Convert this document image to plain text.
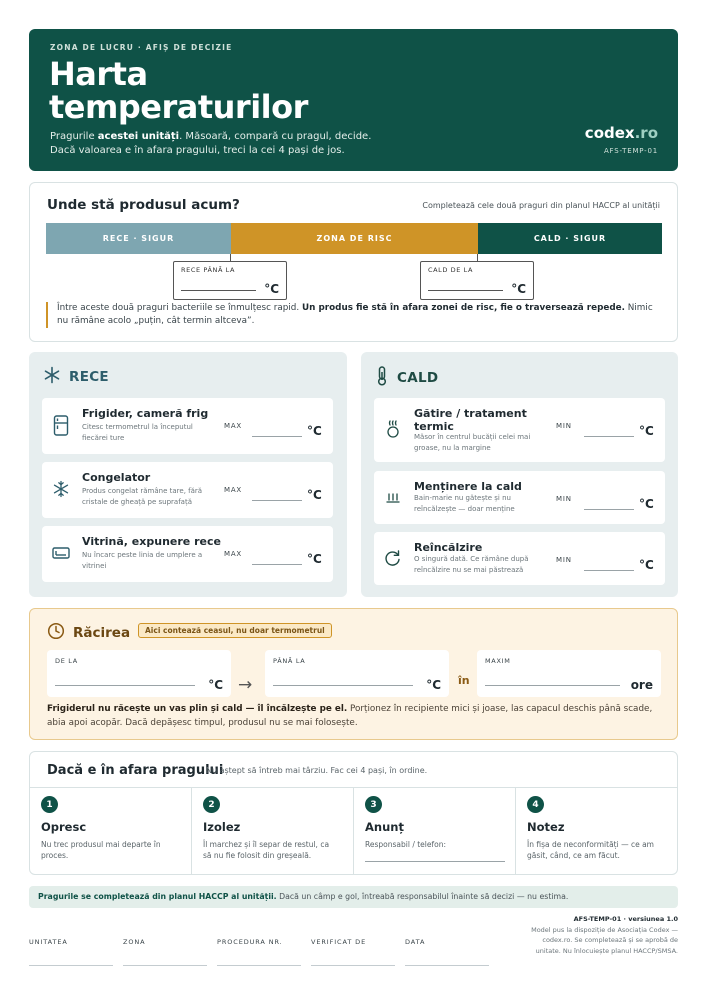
ZONA DE LUCRU · AFIȘ DE DECIZIE
Harta
temperaturilor
Pragurile acestei unități. Măsoară, compară cu pragul, decide.
Dacă valoarea e în afara pragului, treci la cei 4 pași de jos.
codex.ro
AFS-TEMP-01
Unde stă produsul acum?	Completează cele două praguri din planul HACCP al unității
RECE · SIGUR	ZONA DE RISC	CALD · SIGUR
RECE PÂNĂ LA
°C
CALD DE LA
°C
Între aceste două praguri bacteriile se înmulțesc rapid. Un produs fie stă în afara zonei de risc, fie o traversează repede. Nimic nu rămâne acolo „puțin, cât termin altceva”.
RECE
Frigider, cameră frig
Citesc termometrul la începutul fiecărei ture
MAX	°C
Congelator
Produs congelat rămâne tare, fără cristale de gheață pe suprafață
MAX	°C
Vitrină, expunere rece
Nu încarc peste linia de umplere a vitrinei
MAX	°C
CALD
Gătire / tratament
termic
Măsor în centrul bucății celei mai groase, nu la margine
MIN	°C
Menținere la cald
Bain-marie nu gătește și nu reîncălzește — doar menține
MIN	°C
Reîncălzire
O singură dată. Ce rămâne după reîncălzire nu se mai păstrează
MIN	°C
Răcirea	Aici contează ceasul, nu doar termometrul
DE LA
°C →
PÂNĂ LA
°C în
MAXIM
ore
Frigiderul nu răcește un vas plin și cald — îl încălzește pe el. Porționez în recipiente mici și joase, las capacul deschis până scade, abia apoi acopăr. Dacă depășesc timpul, produsul nu se mai folosește.
Dacă e în afara pragului
Nu aștept să întreb mai târziu. Fac cei 4 pași, în ordine.
1
Opresc
Nu trec produsul mai departe în proces.
2
Izolez
Îl marchez și îl separ de restul, ca să nu fie folosit din greșeală.
3
Anunț
Responsabil / telefon:
4
Notez
În fișa de neconformități — ce am găsit, când, ce am făcut.
Pragurile se completează din planul HACCP al unității. Dacă un câmp e gol, întreabă responsabilul înainte să decizi — nu estima.
UNITATEA	ZONA	PROCEDURA NR.	VERIFICAT DE	DATA
AFS-TEMP-01 · versiunea 1.0
Model pus la dispoziție de Asociația Codex — codex.ro. Se completează și se aprobă de unitate. Nu înlocuiește planul HACCP/SMSA.
